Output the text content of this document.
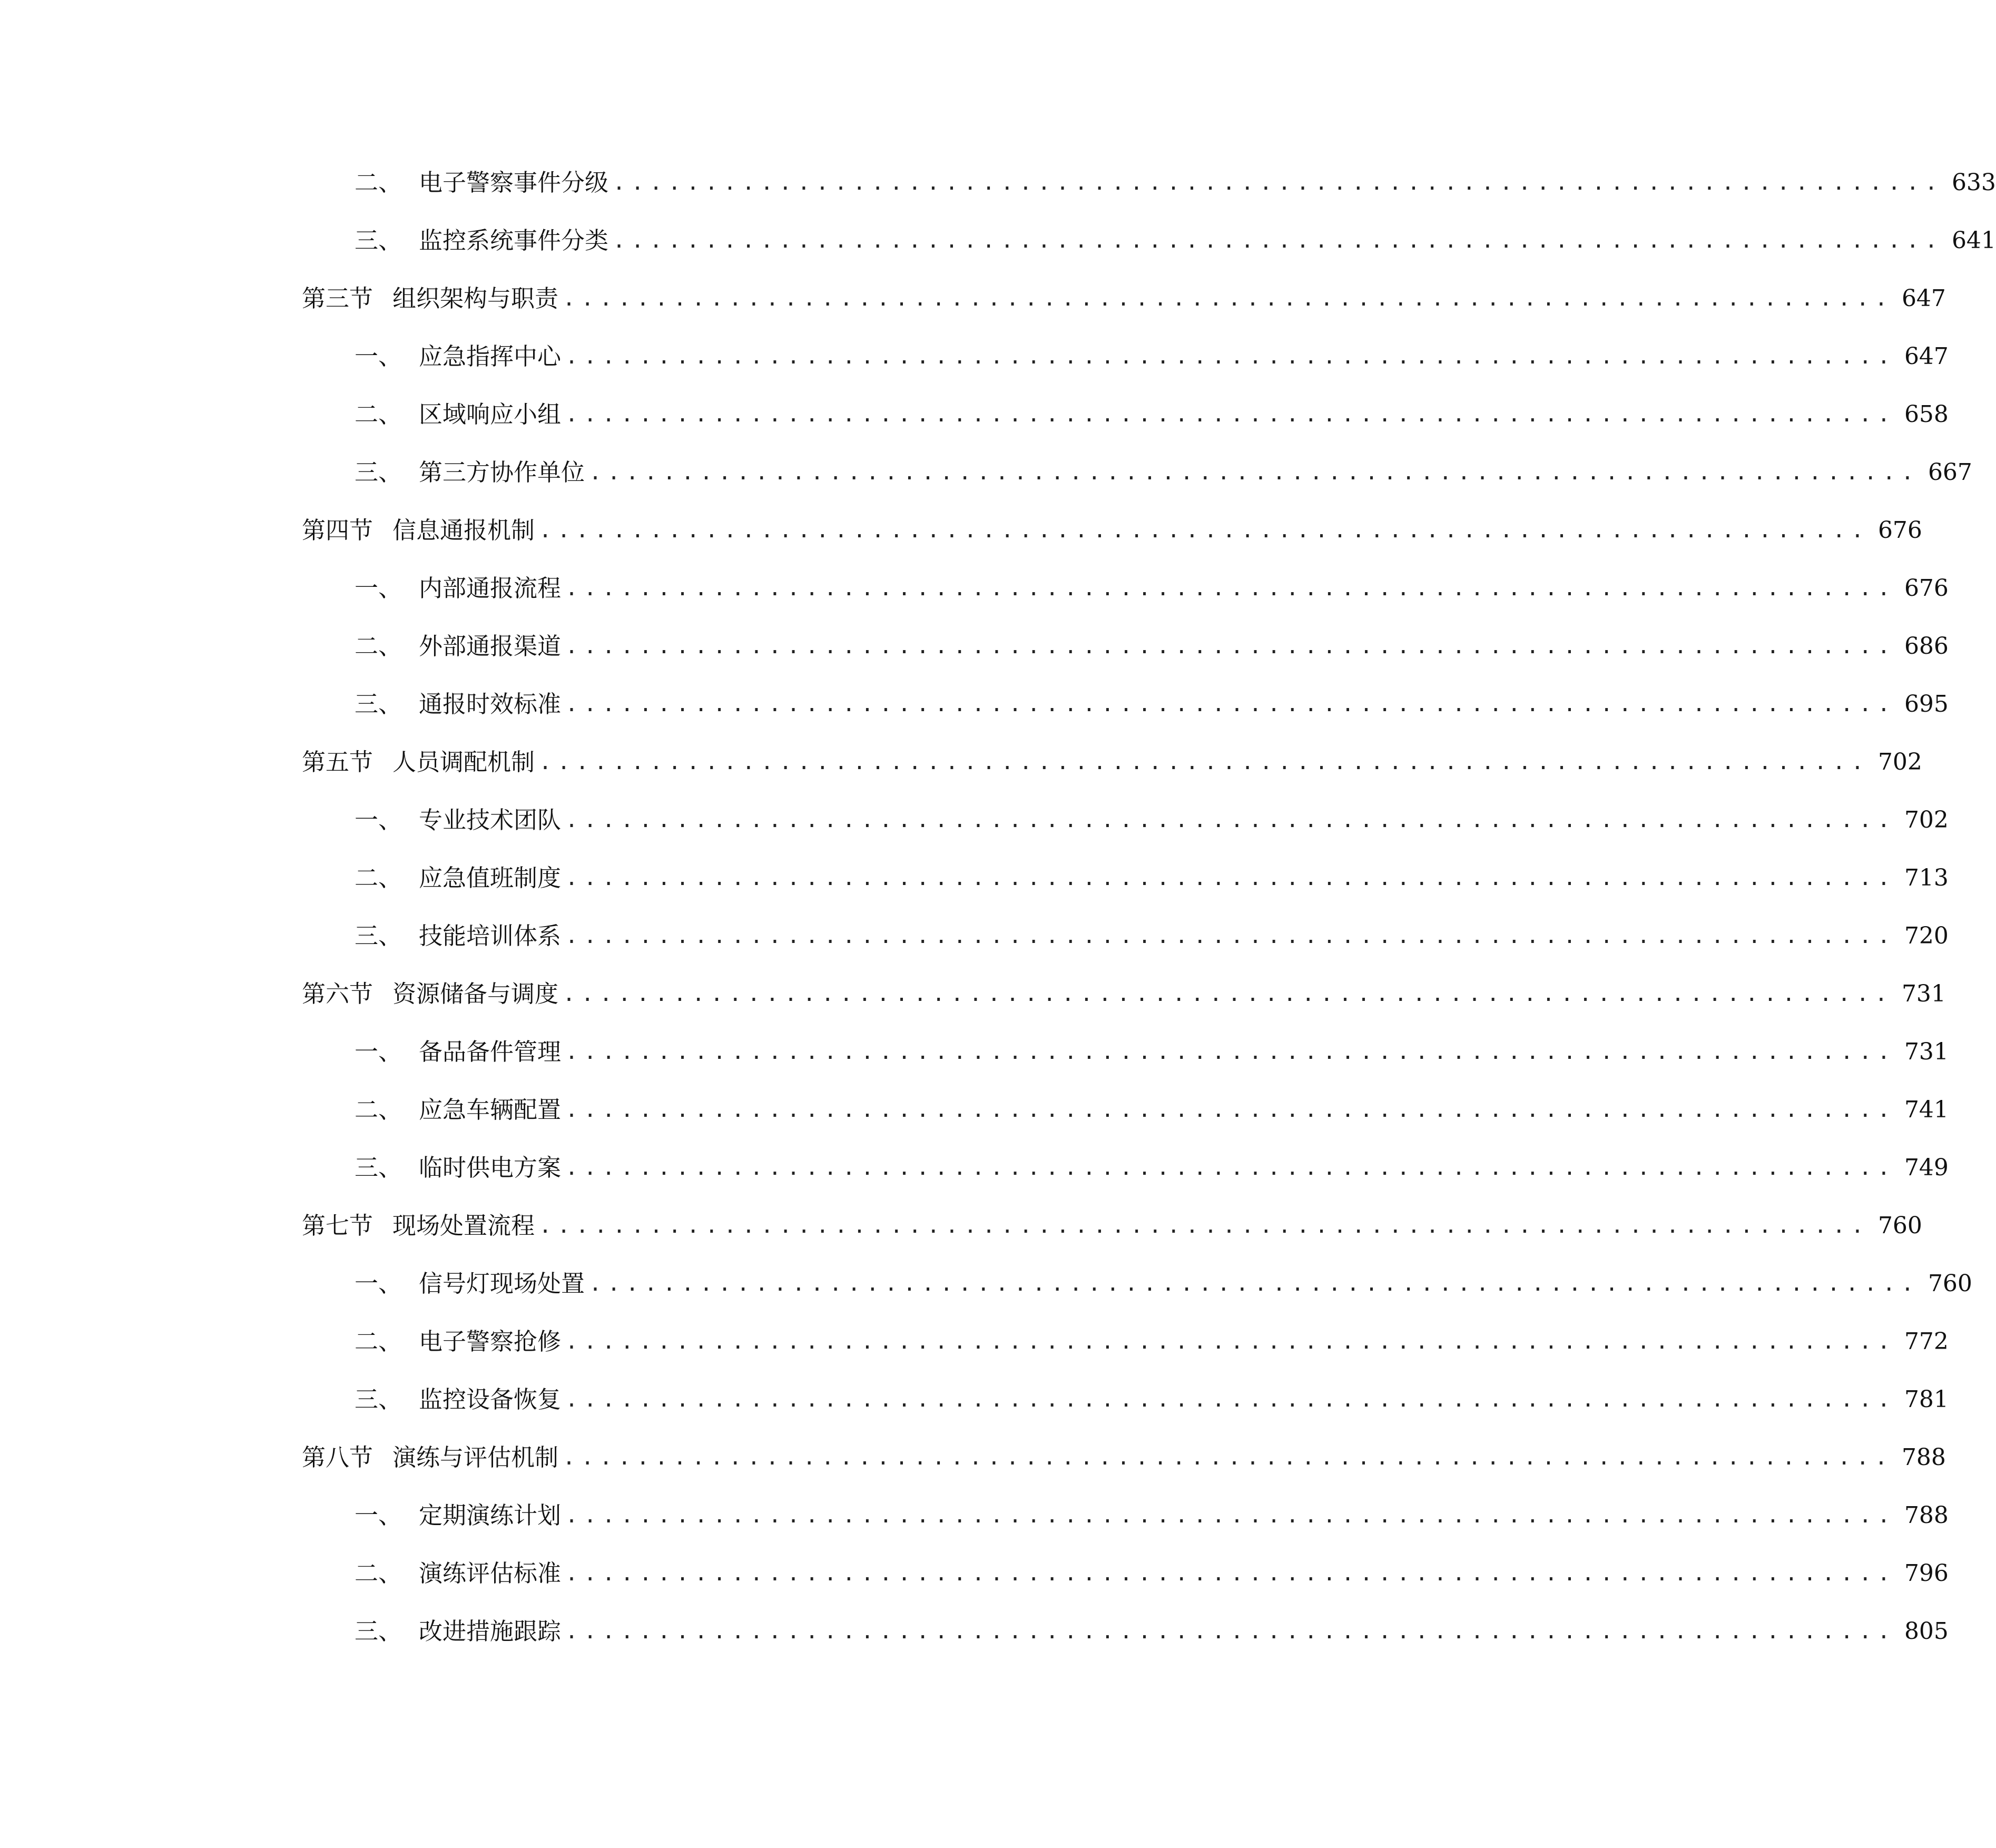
二、 电子警察事件分级 ........................................................................ 633
三、 监控系统事件分类 ........................................................................ 641
第三节 组织架构与职责 ........................................................................ 647
一、 应急指挥中心 ........................................................................ 647
二、 区域响应小组 ........................................................................ 658
三、 第三方协作单位 ........................................................................ 667
第四节 信息通报机制 ........................................................................ 676
一、 内部通报流程 ........................................................................ 676
二、 外部通报渠道 ........................................................................ 686
三、 通报时效标准 ........................................................................ 695
第五节 人员调配机制 ........................................................................ 702
一、 专业技术团队 ........................................................................ 702
二、 应急值班制度 ........................................................................ 713
三、 技能培训体系 ........................................................................ 720
第六节 资源储备与调度 ........................................................................ 731
一、 备品备件管理 ........................................................................ 731
二、 应急车辆配置 ........................................................................ 741
三、 临时供电方案 ........................................................................ 749
第七节 现场处置流程 ........................................................................ 760
一、 信号灯现场处置 ........................................................................ 760
二、 电子警察抢修 ........................................................................ 772
三、 监控设备恢复 ........................................................................ 781
第八节 演练与评估机制 ........................................................................ 788
一、 定期演练计划 ........................................................................ 788
二、 演练评估标准 ........................................................................ 796
三、 改进措施跟踪 ........................................................................ 805
